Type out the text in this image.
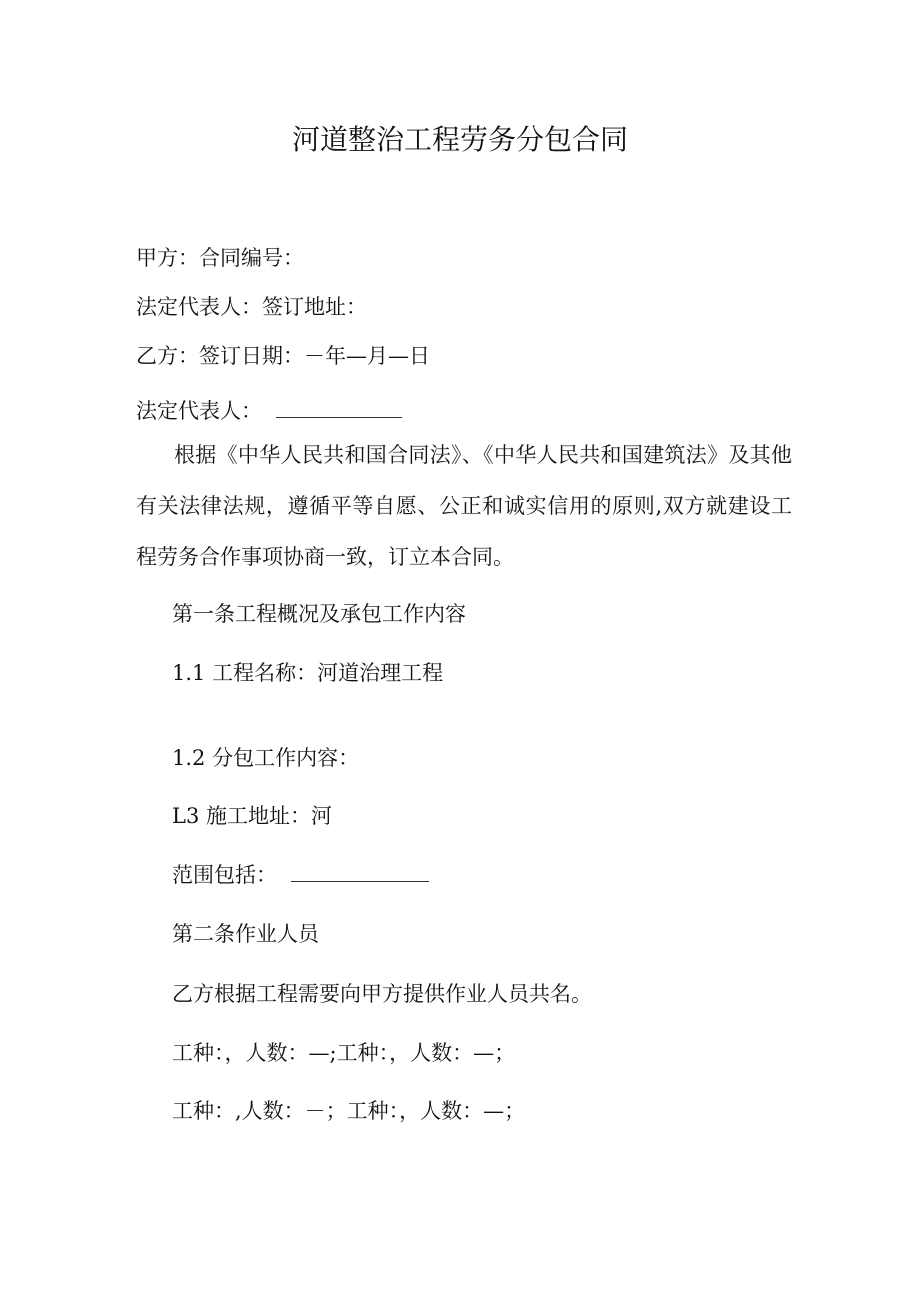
河道整治工程劳务分包合同
甲方：合同编号：
法定代表人：签订地址：
乙方：签订日期：－年—月—日
法定代表人：
根据《中华人民共和国合同法》、《中华人民共和国建筑法》及其他有关法律法规，遵循平等自愿、公正和诚实信用的原则,双方就建设工程劳务合作事项协商一致，订立本合同。
第一条工程概况及承包工作内容
1.1 工程名称：河道治理工程
1.2 分包工作内容：
L3 施工地址：河
范围包括：
第二条作业人员
乙方根据工程需要向甲方提供作业人员共名。
工种：，人数：—;工种：，人数：—；
工种：,人数：－；工种：，人数：—；
